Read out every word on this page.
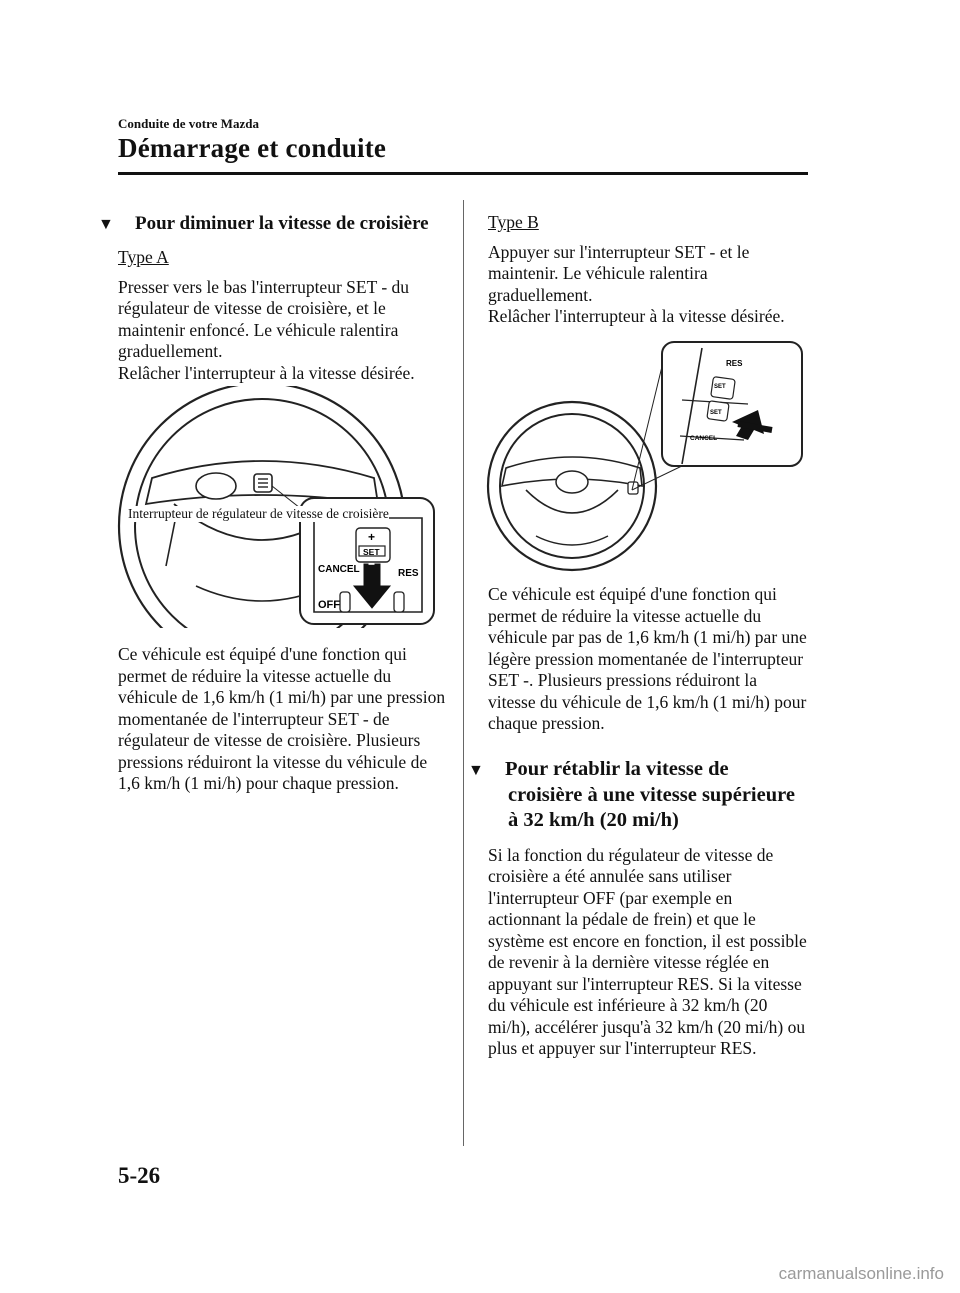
Conduite de votre Mazda
Démarrage et conduite

▼ Pour diminuer la vitesse de croisière

Type A

Presser vers le bas l'interrupteur SET - du régulateur de vitesse de croisière, et le maintenir enfoncé. Le véhicule ralentira graduellement.

Relâcher l'interrupteur à la vitesse désirée.

CANCEL	RES
OFF
SET
+
−
Interrupteur de régulateur de vitesse de croisière

Ce véhicule est équipé d'une fonction qui permet de réduire la vitesse actuelle du véhicule de 1,6 km/h (1 mi/h) par une pression momentanée de l'interrupteur SET - de régulateur de vitesse de croisière. Plusieurs pressions réduiront la vitesse du véhicule de 1,6 km/h (1 mi/h) pour chaque pression.

Type B

Appuyer sur l'interrupteur SET - et le maintenir. Le véhicule ralentira graduellement.

Relâcher l'interrupteur à la vitesse désirée.

RES
SET
SET
CANCEL

Ce véhicule est équipé d'une fonction qui permet de réduire la vitesse actuelle du véhicule par pas de 1,6 km/h (1 mi/h) par une légère pression momentanée de l'interrupteur SET -. Plusieurs pressions réduiront la vitesse du véhicule de 1,6 km/h (1 mi/h) pour chaque pression.

▼ Pour rétablir la vitesse de croisière à une vitesse supérieure à 32 km/h (20 mi/h)

Si la fonction du régulateur de vitesse de croisière a été annulée sans utiliser l'interrupteur OFF (par exemple en actionnant la pédale de frein) et que le système est encore en fonction, il est possible de revenir à la dernière vitesse réglée en appuyant sur l'interrupteur RES. Si la vitesse du véhicule est inférieure à 32 km/h (20 mi/h), accélérer jusqu'à 32 km/h (20 mi/h) ou plus et appuyer sur l'interrupteur RES.

5-26
carmanualsonline.info
